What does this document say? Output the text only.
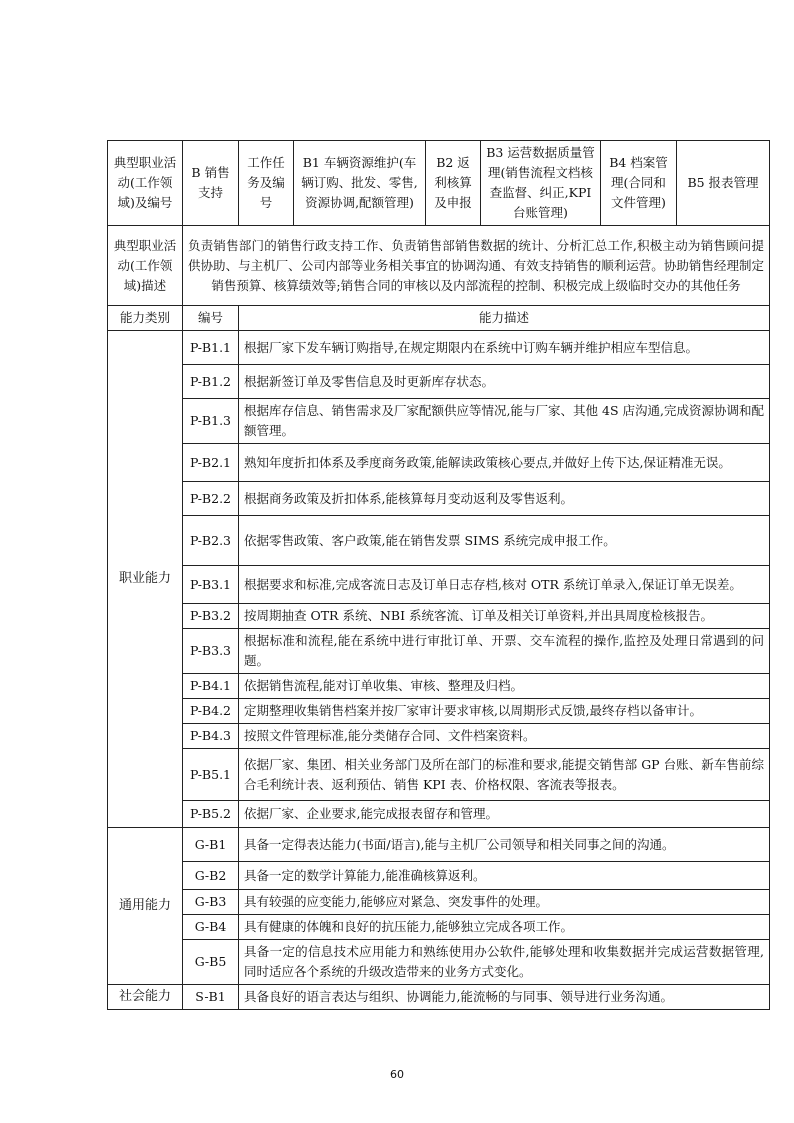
典型职业活动(工作领域)及编号	B 销售支持	工作任务及编号	B1 车辆资源维护(车辆订购、批发、零售,资源协调,配额管理)	B2 返利核算及申报	B3 运营数据质量管理(销售流程文档核查监督、纠正,KPI 台账管理)	B4 档案管理(合同和文件管理)	B5 报表管理
典型职业活动(工作领域)描述	负责销售部门的销售行政支持工作、负责销售部销售数据的统计、分析汇总工作,积极主动为销售顾问提供协助、与主机厂、公司内部等业务相关事宜的协调沟通、有效支持销售的顺利运营。协助销售经理制定销售预算、核算绩效等;销售合同的审核以及内部流程的控制、积极完成上级临时交办的其他任务						
能力类别	编号	能力描述					
职业能力	P-B1.1	根据厂家下发车辆订购指导,在规定期限内在系统中订购车辆并维护相应车型信息。					
	P-B1.2	根据新签订单及零售信息及时更新库存状态。					
	P-B1.3	根据库存信息、销售需求及厂家配额供应等情况,能与厂家、其他 4S 店沟通,完成资源协调和配额管理。					
	P-B2.1	熟知年度折扣体系及季度商务政策,能解读政策核心要点,并做好上传下达,保证精准无误。					
	P-B2.2	根据商务政策及折扣体系,能核算每月变动返利及零售返利。					
	P-B2.3	依据零售政策、客户政策,能在销售发票 SIMS 系统完成申报工作。					
	P-B3.1	根据要求和标准,完成客流日志及订单日志存档,核对 OTR 系统订单录入,保证订单无误差。					
	P-B3.2	按周期抽查 OTR 系统、NBI 系统客流、订单及相关订单资料,并出具周度检核报告。					
	P-B3.3	根据标准和流程,能在系统中进行审批订单、开票、交车流程的操作,监控及处理日常遇到的问题。					
	P-B4.1	依据销售流程,能对订单收集、审核、整理及归档。					
	P-B4.2	定期整理收集销售档案并按厂家审计要求审核,以周期形式反馈,最终存档以备审计。					
	P-B4.3	按照文件管理标准,能分类储存合同、文件档案资料。					
	P-B5.1	依据厂家、集团、相关业务部门及所在部门的标准和要求,能提交销售部 GP 台账、新车售前综合毛利统计表、返利预估、销售 KPI 表、价格权限、客流表等报表。					
	P-B5.2	依据厂家、企业要求,能完成报表留存和管理。					
通用能力	G-B1	具备一定得表达能力(书面/语言),能与主机厂公司领导和相关同事之间的沟通。					
	G-B2	具备一定的数学计算能力,能准确核算返利。					
	G-B3	具有较强的应变能力,能够应对紧急、突发事件的处理。					
	G-B4	具有健康的体魄和良好的抗压能力,能够独立完成各项工作。					
	G-B5	具备一定的信息技术应用能力和熟练使用办公软件,能够处理和收集数据并完成运营数据管理,同时适应各个系统的升级改造带来的业务方式变化。					
社会能力	S-B1	具备良好的语言表达与组织、协调能力,能流畅的与同事、领导进行业务沟通。					
60
